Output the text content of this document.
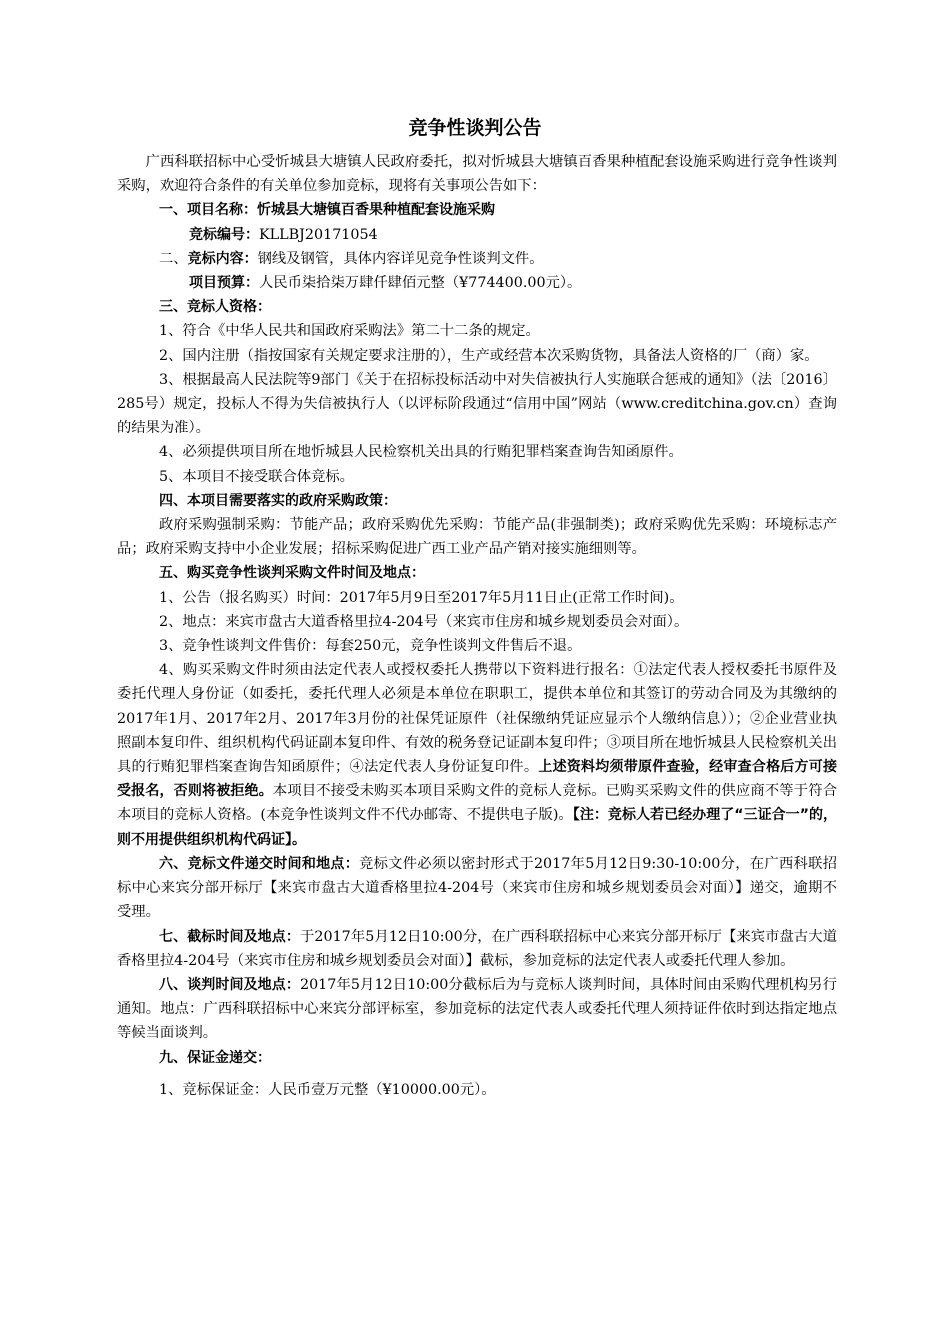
竞争性谈判公告

广西科联招标中心受忻城县大塘镇人民政府委托，拟对忻城县大塘镇百香果种植配套设施采购进行竞争性谈判采购，欢迎符合条件的有关单位参加竞标，现将有关事项公告如下：

一、项目名称：忻城县大塘镇百香果种植配套设施采购

竞标编号：KLLBJ20171054

二、竞标内容：钢线及钢管，具体内容详见竞争性谈判文件。

项目预算：人民币柒拾柒万肆仟肆佰元整（¥774400.00元）。

三、竞标人资格：

1、符合《中华人民共和国政府采购法》第二十二条的规定。

2、国内注册（指按国家有关规定要求注册的），生产或经营本次采购货物，具备法人资格的厂（商）家。

3、根据最高人民法院等9部门《关于在招标投标活动中对失信被执行人实施联合惩戒的通知》（法〔2016〕285号）规定，投标人不得为失信被执行人（以评标阶段通过“信用中国”网站（www.creditchina.gov.cn）查询的结果为准）。

4、必须提供项目所在地忻城县人民检察机关出具的行贿犯罪档案查询告知函原件。

5、本项目不接受联合体竞标。

四、本项目需要落实的政府采购政策：

政府采购强制采购：节能产品；政府采购优先采购：节能产品(非强制类)；政府采购优先采购：环境标志产品；政府采购支持中小企业发展；招标采购促进广西工业产品产销对接实施细则等。

五、购买竞争性谈判采购文件时间及地点：

1、公告（报名购买）时间：2017年5月9日至2017年5月11日止(正常工作时间)。

2、地点：来宾市盘古大道香格里拉4-204号（来宾市住房和城乡规划委员会对面）。

3、竞争性谈判文件售价：每套250元，竞争性谈判文件售后不退。

4、购买采购文件时须由法定代表人或授权委托人携带以下资料进行报名：①法定代表人授权委托书原件及委托代理人身份证（如委托，委托代理人必须是本单位在职职工，提供本单位和其签订的劳动合同及为其缴纳的2017年1月、2017年2月、2017年3月份的社保凭证原件（社保缴纳凭证应显示个人缴纳信息））；②企业营业执照副本复印件、组织机构代码证副本复印件、有效的税务登记证副本复印件；③项目所在地忻城县人民检察机关出具的行贿犯罪档案查询告知函原件；④法定代表人身份证复印件。上述资料均须带原件查验，经审查合格后方可接受报名，否则将被拒绝。本项目不接受未购买本项目采购文件的竞标人竞标。已购买采购文件的供应商不等于符合本项目的竞标人资格。(本竞争性谈判文件不代办邮寄、不提供电子版)。【注：竞标人若已经办理了“三证合一”的，则不用提供组织机构代码证】。

六、竞标文件递交时间和地点：竞标文件必须以密封形式于2017年5月12日9:30-10:00分，在广西科联招标中心来宾分部开标厅【来宾市盘古大道香格里拉4-204号（来宾市住房和城乡规划委员会对面）】递交，逾期不受理。

七、截标时间及地点：于2017年5月12日10:00分，在广西科联招标中心来宾分部开标厅【来宾市盘古大道香格里拉4-204号（来宾市住房和城乡规划委员会对面）】截标，参加竞标的法定代表人或委托代理人参加。

八、谈判时间及地点：2017年5月12日10:00分截标后为与竞标人谈判时间，具体时间由采购代理机构另行通知。地点：广西科联招标中心来宾分部评标室，参加竞标的法定代表人或委托代理人须持证件依时到达指定地点等候当面谈判。

九、保证金递交：

1、竞标保证金：人民币壹万元整（¥10000.00元）。
